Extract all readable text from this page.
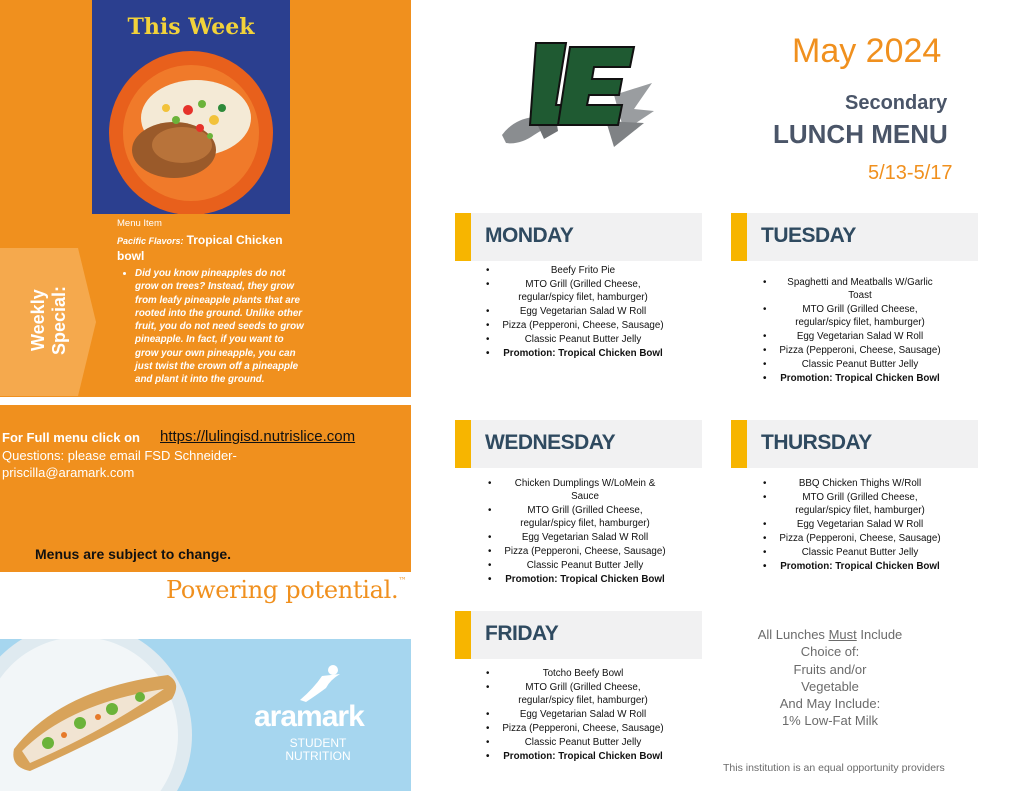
This Week
Weekly Special:
Menu Item
Pacific Flavors: Tropical Chicken bowl
• Did you know pineapples do not grow on trees? Instead, they grow from leafy pineapple plants that are rooted into the ground. Unlike other fruit, you do not need seeds to grow pineapple. In fact, if you want to grow your own pineapple, you can just twist the crown off a pineapple and plant it into the ground.
For Full menu click on https://lulingisd.nutrislice.com
Questions: please email FSD Schneider-priscilla@aramark.com
Menus are subject to change.
Powering potential.™
aramark
STUDENT
NUTRITION
LE
May 2024
Secondary
LUNCH MENU
5/13-5/17
MONDAY
•	Beefy Frito Pie
•	MTO Grill (Grilled Cheese, regular/spicy filet, hamburger)
•	Egg Vegetarian Salad W Roll
• Pizza (Pepperoni, Cheese, Sausage)
•	Classic Peanut Butter Jelly
• Promotion: Tropical Chicken Bowl
TUESDAY
• Spaghetti and Meatballs W/Garlic Toast
•	MTO Grill (Grilled Cheese, regular/spicy filet, hamburger)
•	Egg Vegetarian Salad W Roll
• Pizza (Pepperoni, Cheese, Sausage)
•	Classic Peanut Butter Jelly
• Promotion: Tropical Chicken Bowl
WEDNESDAY
• Chicken Dumplings W/LoMein & Sauce
•	MTO Grill (Grilled Cheese, regular/spicy filet, hamburger)
•	Egg Vegetarian Salad W Roll
• Pizza (Pepperoni, Cheese, Sausage)
•	Classic Peanut Butter Jelly
• Promotion: Tropical Chicken Bowl
THURSDAY
•	BBQ Chicken Thighs W/Roll
•	MTO Grill (Grilled Cheese, regular/spicy filet, hamburger)
•	Egg Vegetarian Salad W Roll
• Pizza (Pepperoni, Cheese, Sausage)
•	Classic Peanut Butter Jelly
• Promotion: Tropical Chicken Bowl
FRIDAY
•	Totcho Beefy Bowl
•	MTO Grill (Grilled Cheese, regular/spicy filet, hamburger)
•	Egg Vegetarian Salad W Roll
• Pizza (Pepperoni, Cheese, Sausage)
•	Classic Peanut Butter Jelly
• Promotion: Tropical Chicken Bowl
All Lunches Must Include
Choice of:
Fruits and/or
Vegetable
And May Include:
1% Low-Fat Milk
This institution is an equal opportunity providers
